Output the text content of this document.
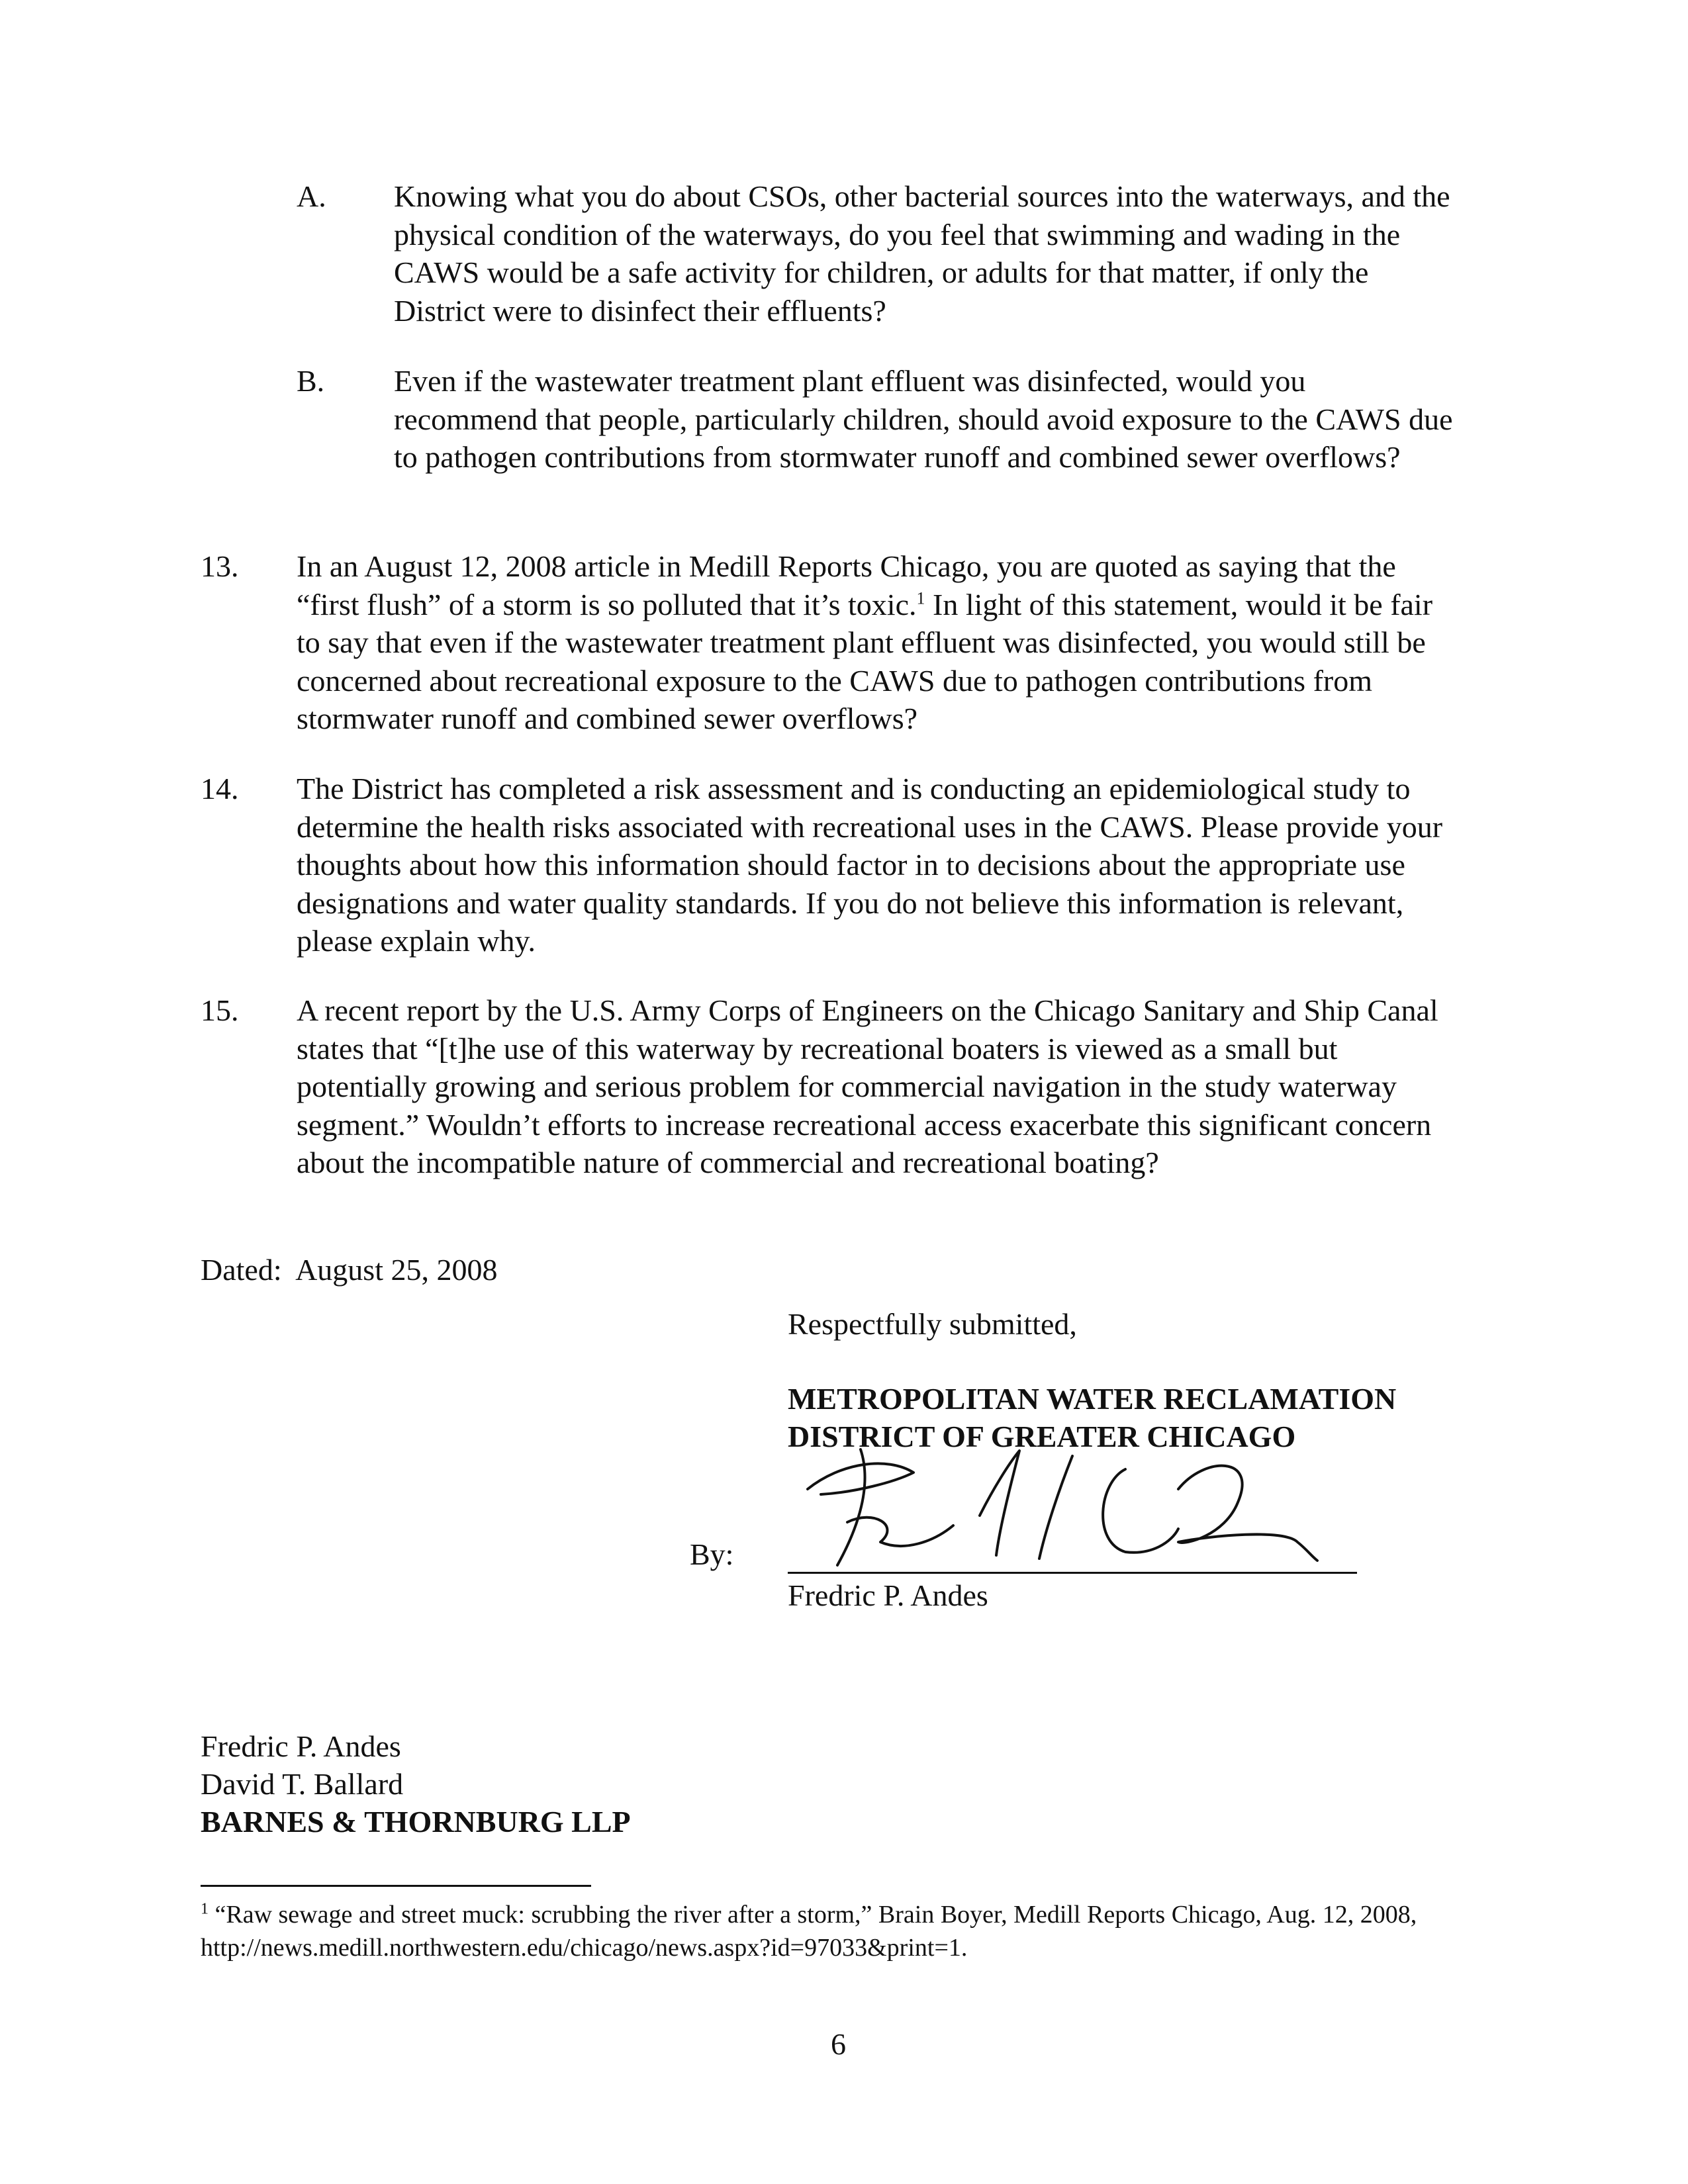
A. Knowing what you do about CSOs, other bacterial sources into the waterways, and the physical condition of the waterways, do you feel that swimming and wading in the CAWS would be a safe activity for children, or adults for that matter, if only the District were to disinfect their effluents?

B. Even if the wastewater treatment plant effluent was disinfected, would you recommend that people, particularly children, should avoid exposure to the CAWS due to pathogen contributions from stormwater runoff and combined sewer overflows?

13. In an August 12, 2008 article in Medill Reports Chicago, you are quoted as saying that the “first flush” of a storm is so polluted that it’s toxic.$^1$ In light of this statement, would it be fair to say that even if the wastewater treatment plant effluent was disinfected, you would still be concerned about recreational exposure to the CAWS due to pathogen contributions from stormwater runoff and combined sewer overflows?

14. The District has completed a risk assessment and is conducting an epidemiological study to determine the health risks associated with recreational uses in the CAWS. Please provide your thoughts about how this information should factor in to decisions about the appropriate use designations and water quality standards. If you do not believe this information is relevant, please explain why.

15. A recent report by the U.S. Army Corps of Engineers on the Chicago Sanitary and Ship Canal states that “[t]he use of this waterway by recreational boaters is viewed as a small but potentially growing and serious problem for commercial navigation in the study waterway segment.” Wouldn’t efforts to increase recreational access exacerbate this significant concern about the incompatible nature of commercial and recreational boating?

Dated:  August 25, 2008
Respectfully submitted,
METROPOLITAN WATER RECLAMATION
DISTRICT OF GREATER CHICAGO
By:
Fredric P. Andes
Fredric P. Andes
David T. Ballard
BARNES & THORNBURG LLP

$^1$ “Raw sewage and street muck: scrubbing the river after a storm,” Brain Boyer, Medill Reports Chicago, Aug. 12, 2008, http://news.medill.northwestern.edu/chicago/news.aspx?id=97033&print=1.

6
